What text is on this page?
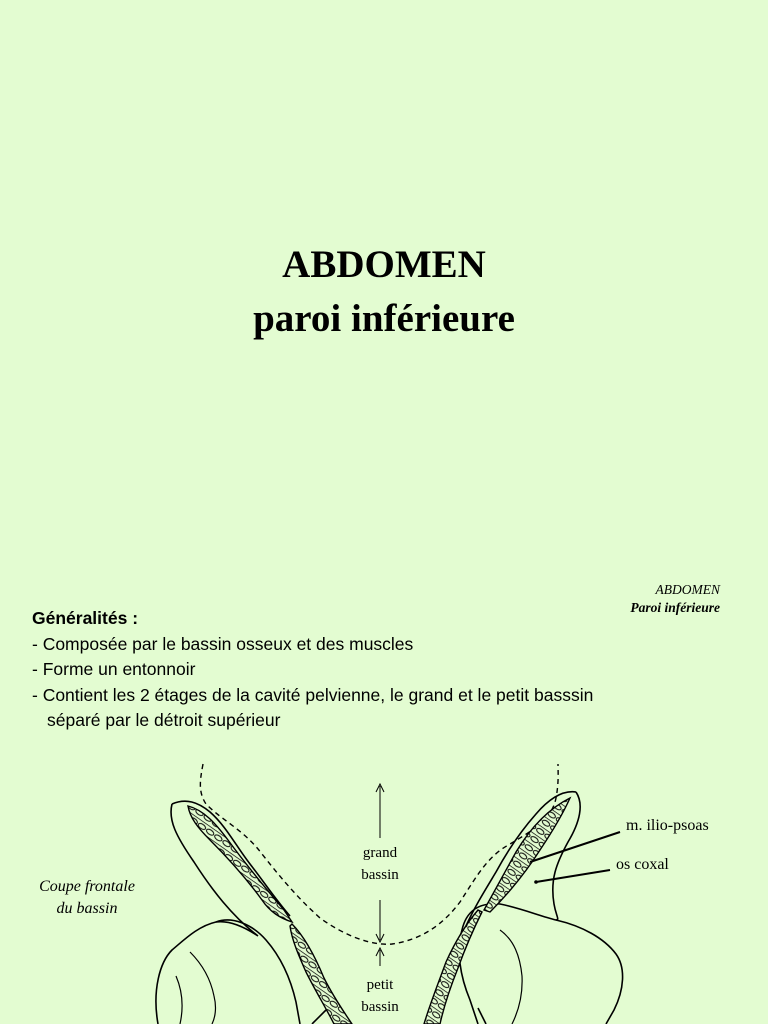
ABDOMEN
paroi inférieure
ABDOMEN
Paroi inférieure
Généralités :
- Composée par le bassin osseux et des muscles
- Forme un entonnoir
- Contient les 2 étages de la cavité pelvienne, le grand et le petit basssin
séparé par le détroit supérieur
Coupe frontale
du bassin
grand
bassin
petit
bassin
m. ilio-psoas
os coxal
